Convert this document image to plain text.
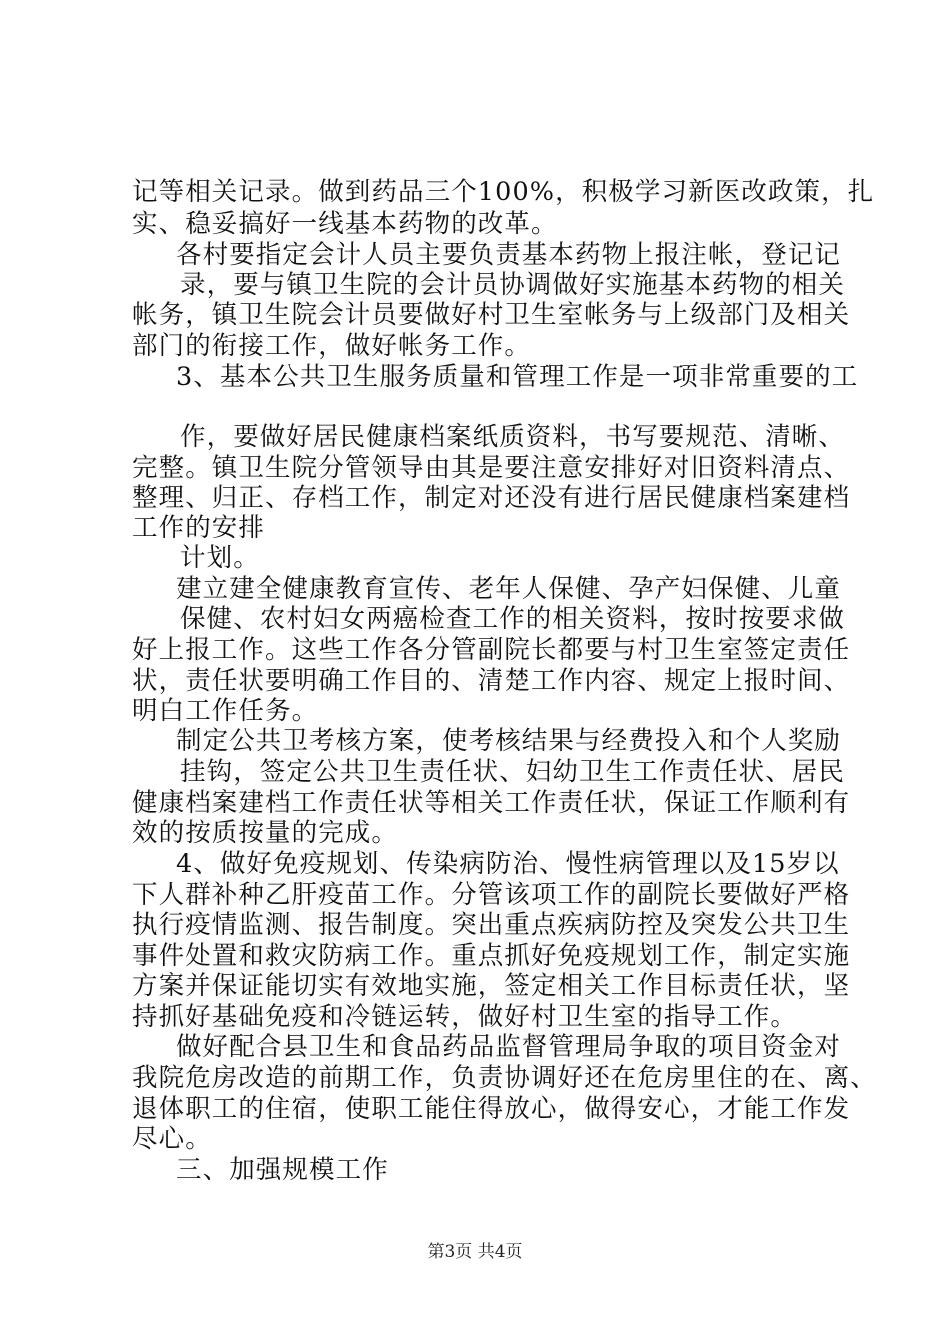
记等相关记录。做到药品三个100%，积极学习新医改政策，扎
实、稳妥搞好一线基本药物的改革。
各村要指定会计人员主要负责基本药物上报注帐，登记记
录，要与镇卫生院的会计员协调做好实施基本药物的相关
帐务，镇卫生院会计员要做好村卫生室帐务与上级部门及相关
部门的衔接工作，做好帐务工作。
3、基本公共卫生服务质量和管理工作是一项非常重要的工
作，要做好居民健康档案纸质资料，书写要规范、清晰、
完整。镇卫生院分管领导由其是要注意安排好对旧资料清点、
整理、归正、存档工作，制定对还没有进行居民健康档案建档
工作的安排
计划。
建立建全健康教育宣传、老年人保健、孕产妇保健、儿童
保健、农村妇女两癌检查工作的相关资料，按时按要求做
好上报工作。这些工作各分管副院长都要与村卫生室签定责任
状，责任状要明确工作目的、清楚工作内容、规定上报时间、
明白工作任务。
制定公共卫考核方案，使考核结果与经费投入和个人奖励
挂钩，签定公共卫生责任状、妇幼卫生工作责任状、居民
健康档案建档工作责任状等相关工作责任状，保证工作顺利有
效的按质按量的完成。
4、做好免疫规划、传染病防治、慢性病管理以及15岁以
下人群补种乙肝疫苗工作。分管该项工作的副院长要做好严格
执行疫情监测、报告制度。突出重点疾病防控及突发公共卫生
事件处置和救灾防病工作。重点抓好免疫规划工作，制定实施
方案并保证能切实有效地实施，签定相关工作目标责任状，坚
持抓好基础免疫和冷链运转，做好村卫生室的指导工作。
做好配合县卫生和食品药品监督管理局争取的项目资金对
我院危房改造的前期工作，负责协调好还在危房里住的在、离、
退体职工的住宿，使职工能住得放心，做得安心，才能工作发
尽心。
三、加强规模工作
第3页 共4页
